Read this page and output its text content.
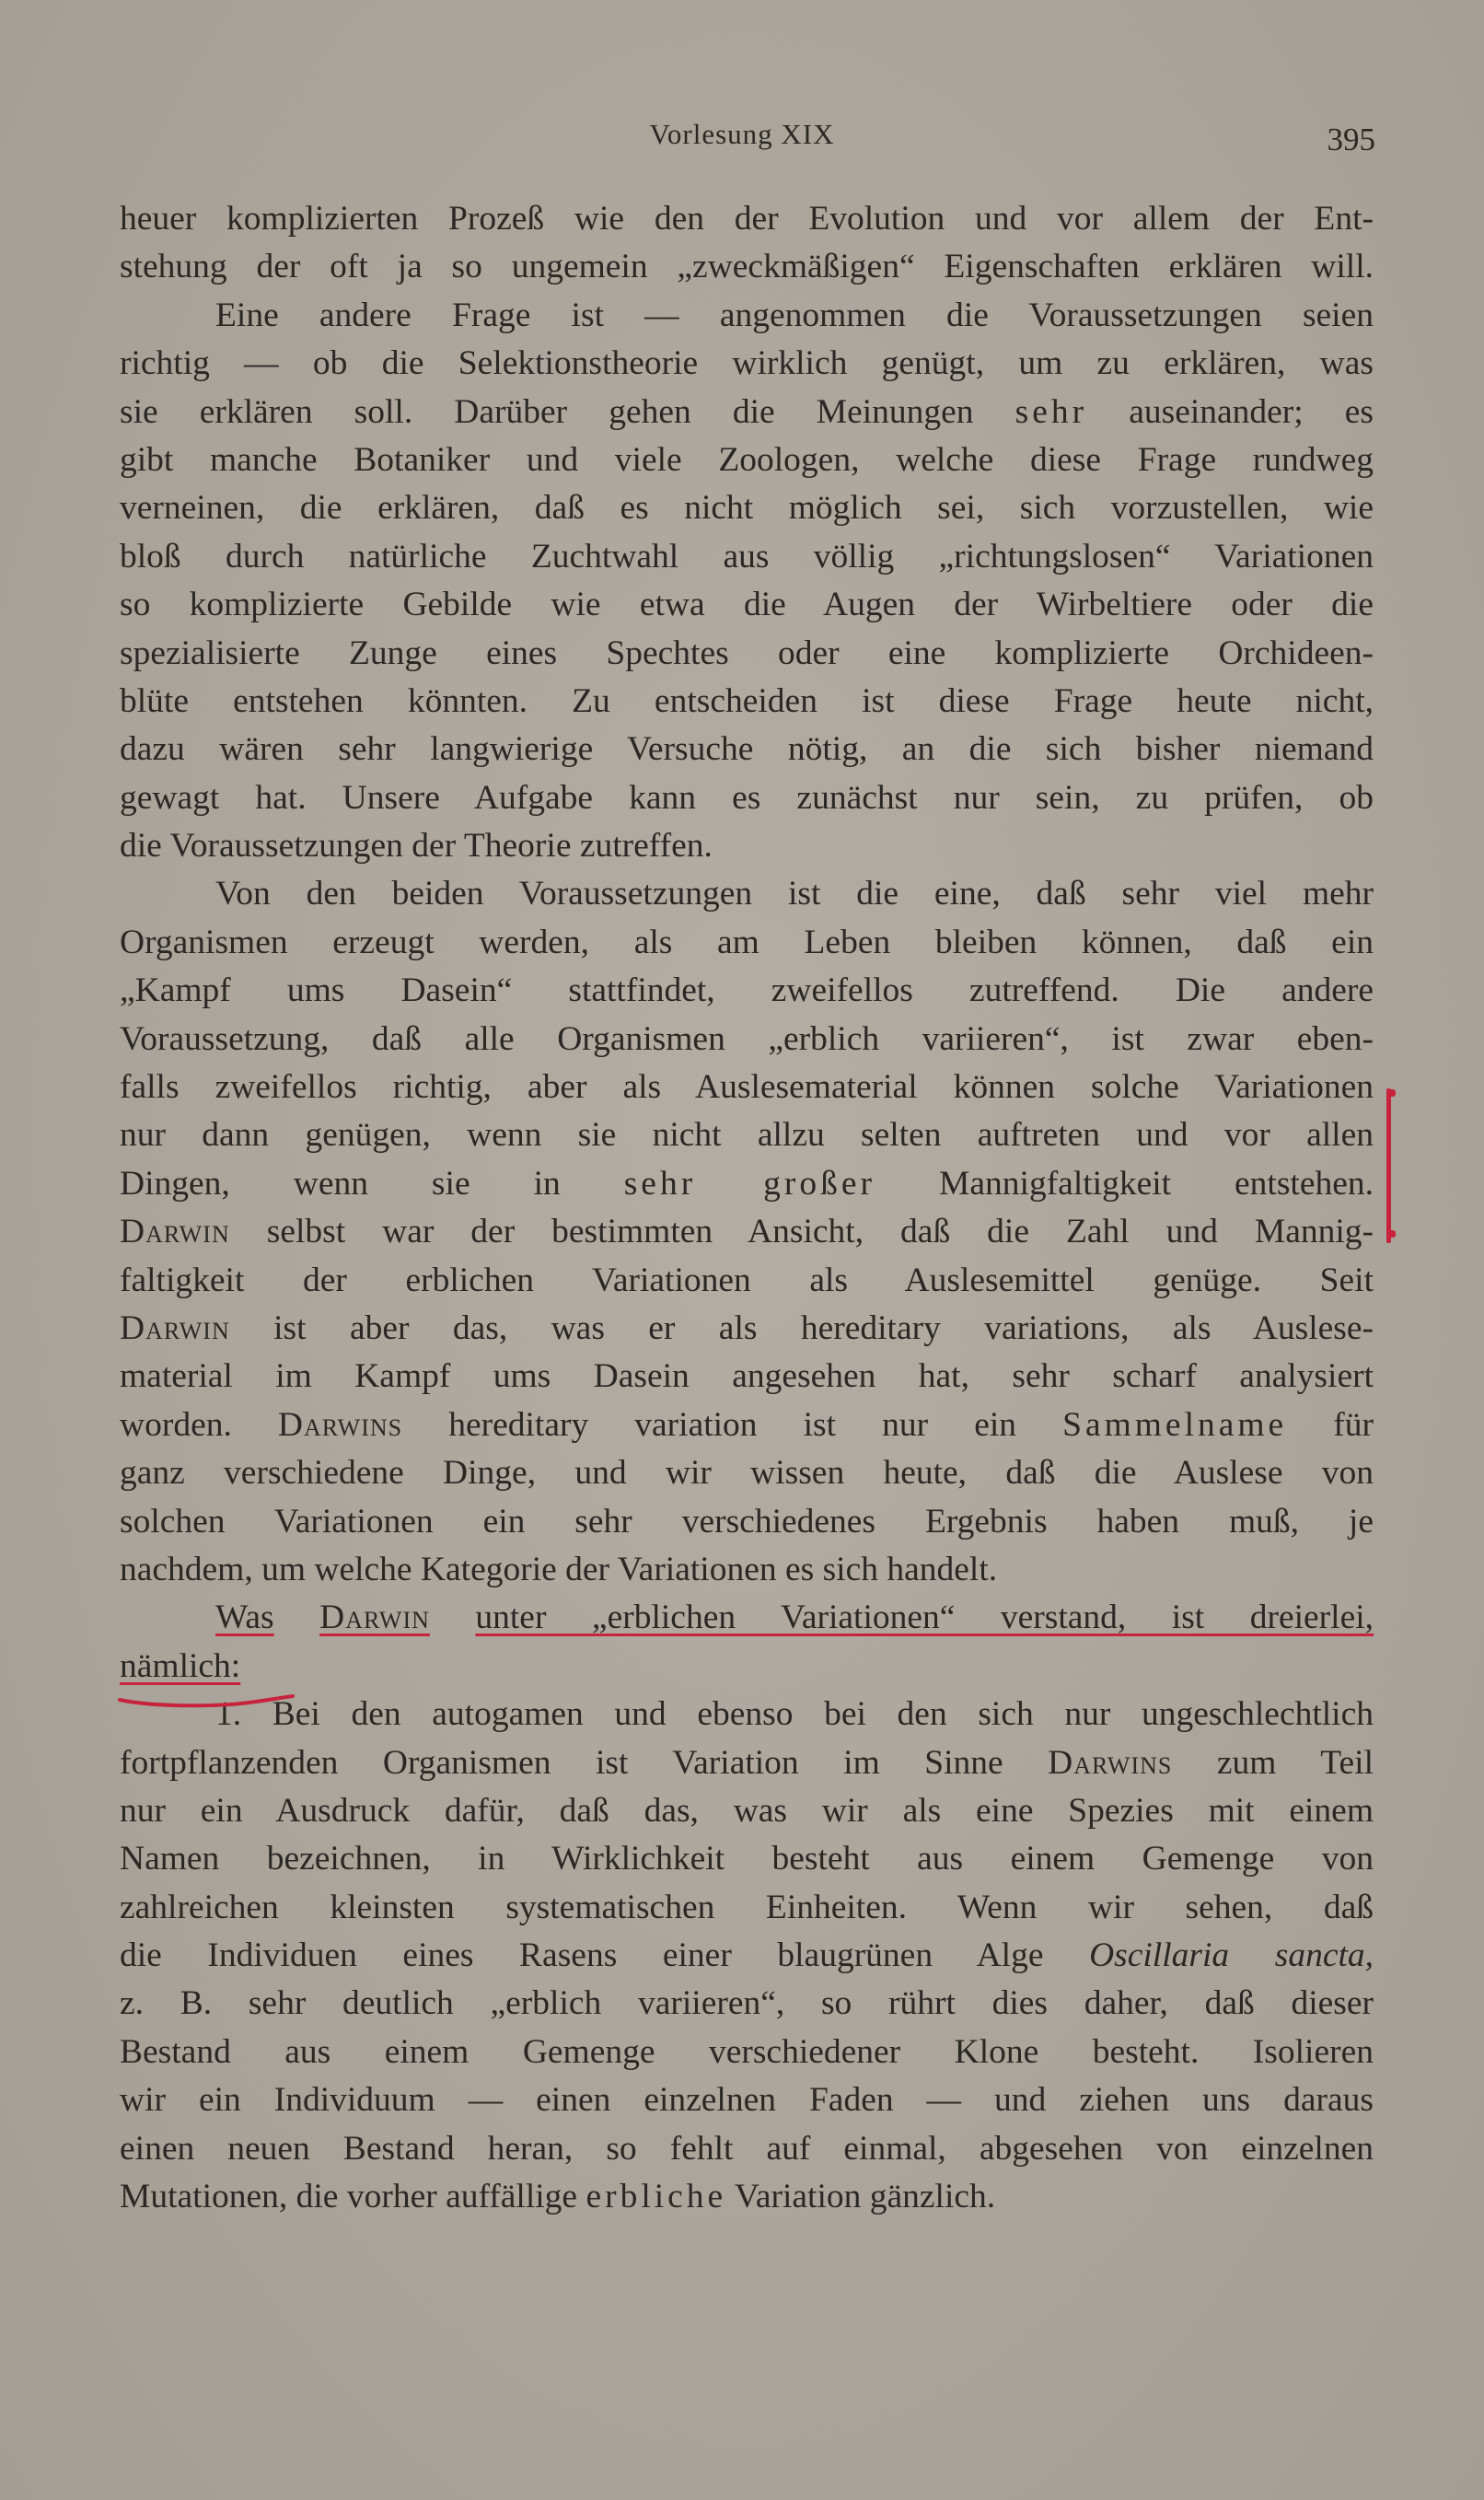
Vorlesung XIX	395
heuer komplizierten Prozeß wie den der Evolution und vor allem der Ent-
stehung der oft ja so ungemein „zweckmäßigen“ Eigenschaften erklären will.
Eine andere Frage ist — angenommen die Voraussetzungen seien
richtig — ob die Selektionstheorie wirklich genügt, um zu erklären, was
sie erklären soll. Darüber gehen die Meinungen sehr auseinander; es
gibt manche Botaniker und viele Zoologen, welche diese Frage rundweg
verneinen, die erklären, daß es nicht möglich sei, sich vorzustellen, wie
bloß durch natürliche Zuchtwahl aus völlig „richtungslosen“ Variationen
so komplizierte Gebilde wie etwa die Augen der Wirbeltiere oder die
spezialisierte Zunge eines Spechtes oder eine komplizierte Orchideen-
blüte entstehen könnten. Zu entscheiden ist diese Frage heute nicht,
dazu wären sehr langwierige Versuche nötig, an die sich bisher niemand
gewagt hat. Unsere Aufgabe kann es zunächst nur sein, zu prüfen, ob
die Voraussetzungen der Theorie zutreffen.
Von den beiden Voraussetzungen ist die eine, daß sehr viel mehr
Organismen erzeugt werden, als am Leben bleiben können, daß ein
„Kampf ums Dasein“ stattfindet, zweifellos zutreffend. Die andere
Voraussetzung, daß alle Organismen „erblich variieren“, ist zwar eben-
falls zweifellos richtig, aber als Auslesematerial können solche Variationen
nur dann genügen, wenn sie nicht allzu selten auftreten und vor allen
Dingen, wenn sie in sehr großer Mannigfaltigkeit entstehen.
Darwin selbst war der bestimmten Ansicht, daß die Zahl und Mannig-
faltigkeit der erblichen Variationen als Auslesemittel genüge. Seit
Darwin ist aber das, was er als hereditary variations, als Auslese-
material im Kampf ums Dasein angesehen hat, sehr scharf analysiert
worden. Darwins hereditary variation ist nur ein Sammelname für
ganz verschiedene Dinge, und wir wissen heute, daß die Auslese von
solchen Variationen ein sehr verschiedenes Ergebnis haben muß, je
nachdem, um welche Kategorie der Variationen es sich handelt.
Was Darwin unter „erblichen Variationen“ verstand, ist dreierlei,
nämlich:
1. Bei den autogamen und ebenso bei den sich nur ungeschlechtlich
fortpflanzenden Organismen ist Variation im Sinne Darwins zum Teil
nur ein Ausdruck dafür, daß das, was wir als eine Spezies mit einem
Namen bezeichnen, in Wirklichkeit besteht aus einem Gemenge von
zahlreichen kleinsten systematischen Einheiten. Wenn wir sehen, daß
die Individuen eines Rasens einer blaugrünen Alge Oscillaria sancta,
z. B. sehr deutlich „erblich variieren“, so rührt dies daher, daß dieser
Bestand aus einem Gemenge verschiedener Klone besteht. Isolieren
wir ein Individuum — einen einzelnen Faden — und ziehen uns daraus
einen neuen Bestand heran, so fehlt auf einmal, abgesehen von einzelnen
Mutationen, die vorher auffällige erbliche Variation gänzlich.
